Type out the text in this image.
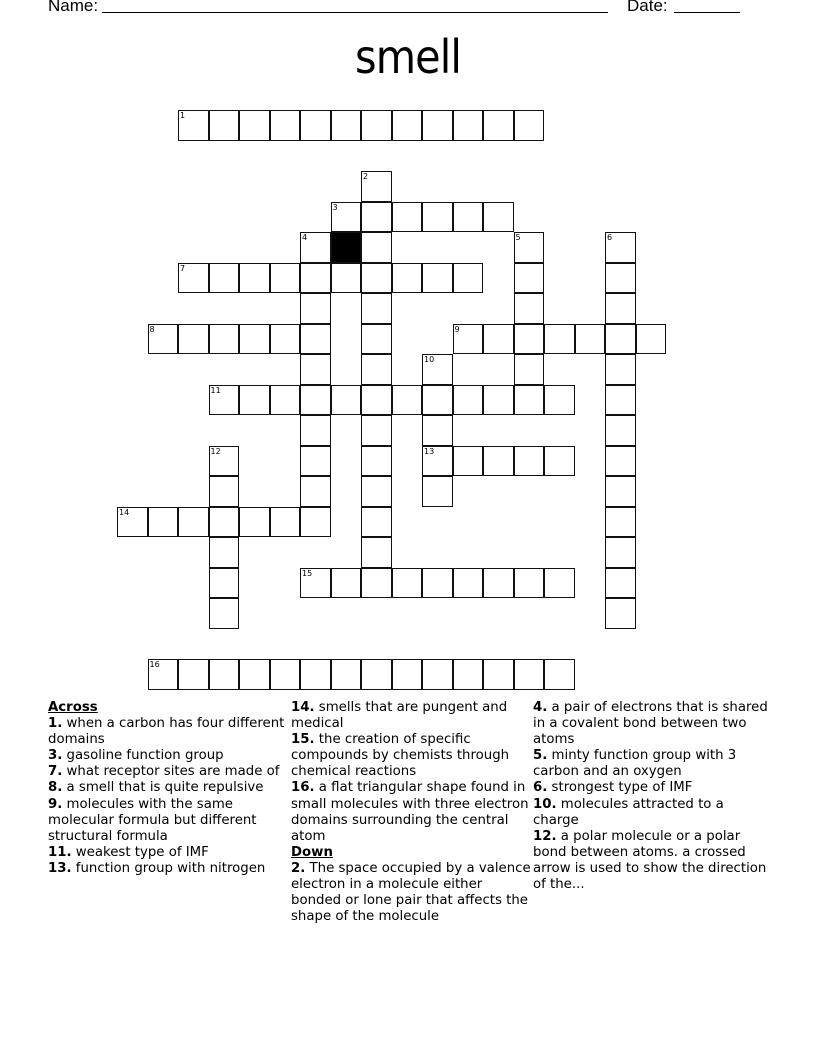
Name:	Date:
smell
1
2
3
4	5	6
7
8	9
10
13
11
12
14
15
16
Across
1. when a carbon has four different domains
3. gasoline function group
7. what receptor sites are made of
8. a smell that is quite repulsive
9. molecules with the same molecular formula but different structural formula
11. weakest type of IMF
13. function group with nitrogen
14. smells that are pungent and medical
15. the creation of specific compounds by chemists through chemical reactions
16. a flat triangular shape found in small molecules with three electron domains surrounding the central atom
Down
2. The space occupied by a valence electron in a molecule either bonded or lone pair that affects the shape of the molecule
4. a pair of electrons that is shared in a covalent bond between two atoms
5. minty function group with 3 carbon and an oxygen
6. strongest type of IMF
10. molecules attracted to a charge
12. a polar molecule or a polar bond between atoms. a crossed arrow is used to show the direction of the...
